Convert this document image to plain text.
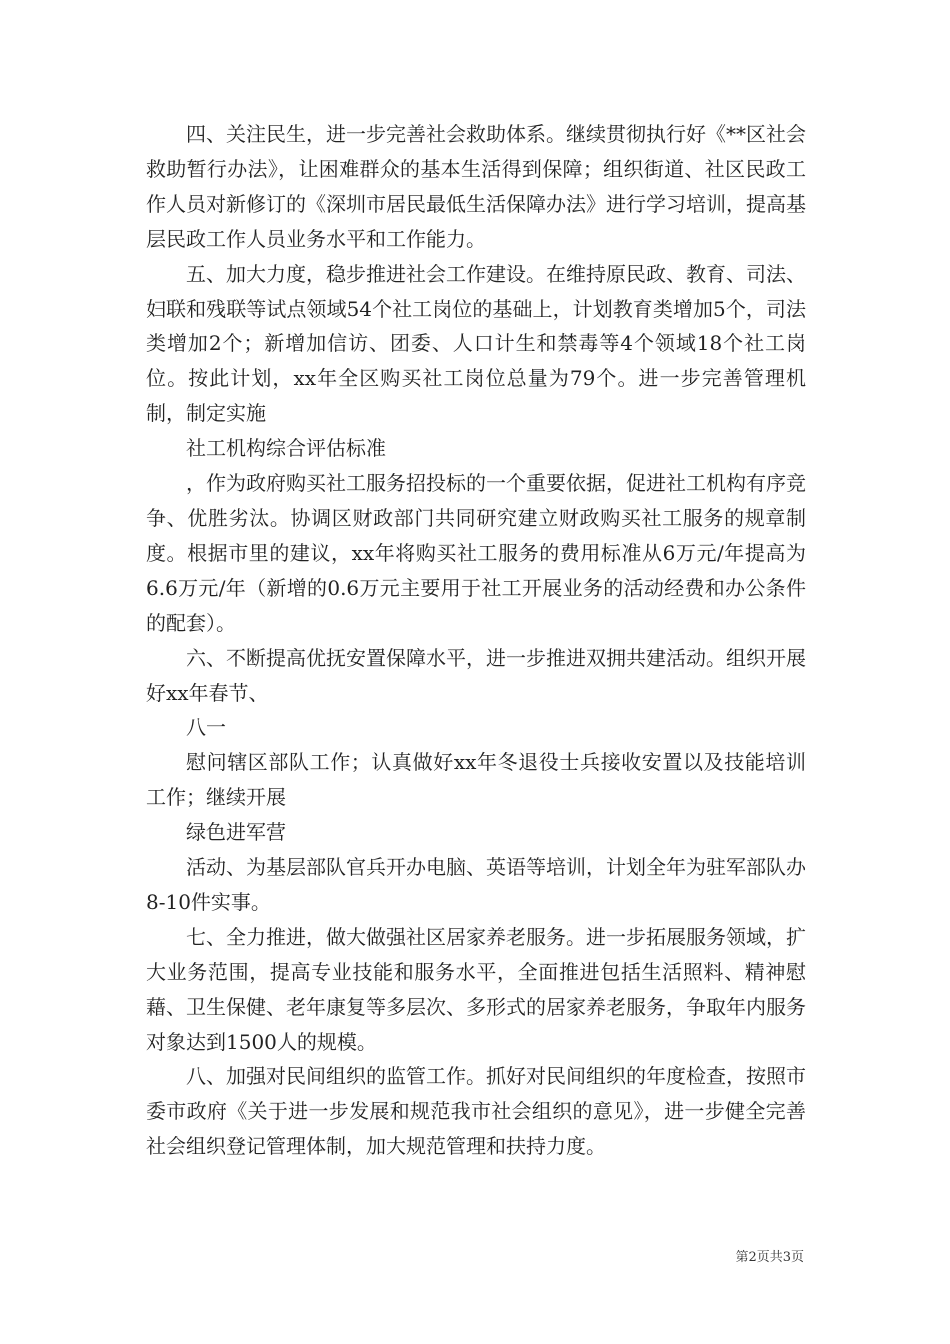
四、关注民生，进一步完善社会救助体系。继续贯彻执行好《**区社会救助暂行办法》，让困难群众的基本生活得到保障；组织街道、社区民政工作人员对新修订的《深圳市居民最低生活保障办法》进行学习培训，提高基层民政工作人员业务水平和工作能力。

五、加大力度，稳步推进社会工作建设。在维持原民政、教育、司法、妇联和残联等试点领域54个社工岗位的基础上，计划教育类增加5个，司法类增加2个；新增加信访、团委、人口计生和禁毒等4个领域18个社工岗位。按此计划，xx年全区购买社工岗位总量为79个。进一步完善管理机制，制定实施

社工机构综合评估标准

，作为政府购买社工服务招投标的一个重要依据，促进社工机构有序竞争、优胜劣汰。协调区财政部门共同研究建立财政购买社工服务的规章制度。根据市里的建议，xx年将购买社工服务的费用标准从6万元/年提高为6.6万元/年（新增的0.6万元主要用于社工开展业务的活动经费和办公条件的配套）。

六、不断提高优抚安置保障水平，进一步推进双拥共建活动。组织开展好xx年春节、

八一

慰问辖区部队工作；认真做好xx年冬退役士兵接收安置以及技能培训工作；继续开展

绿色进军营

活动、为基层部队官兵开办电脑、英语等培训，计划全年为驻军部队办8-10件实事。

七、全力推进，做大做强社区居家养老服务。进一步拓展服务领域，扩大业务范围，提高专业技能和服务水平，全面推进包括生活照料、精神慰藉、卫生保健、老年康复等多层次、多形式的居家养老服务，争取年内服务对象达到1500人的规模。

八、加强对民间组织的监管工作。抓好对民间组织的年度检查，按照市委市政府《关于进一步发展和规范我市社会组织的意见》，进一步健全完善社会组织登记管理体制，加大规范管理和扶持力度。

第2页共3页
